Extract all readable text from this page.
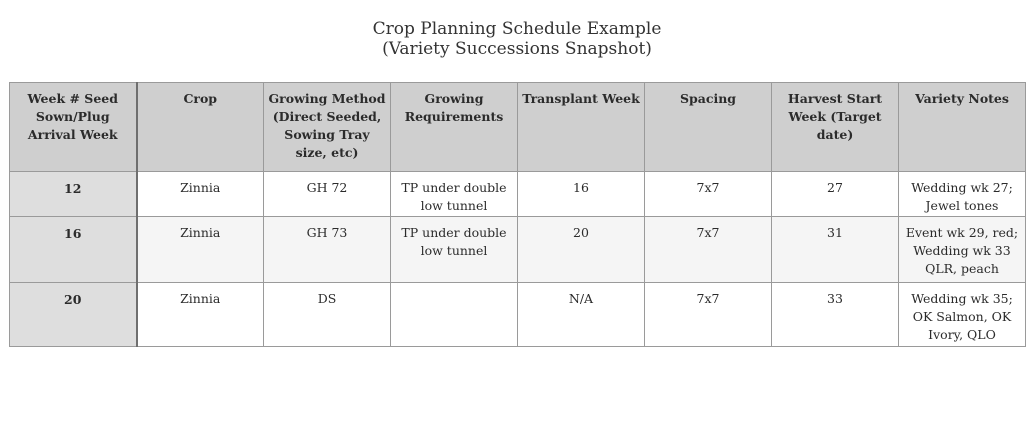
Crop Planning Schedule Example
(Variety Successions Snapshot)
Week # Seed Sown/Plug Arrival Week	Crop	Growing Method (Direct Seeded, Sowing Tray size, etc)	Growing Requirements	Transplant Week	Spacing	Harvest Start Week (Target date)	Variety Notes
12	Zinnia	GH 72	TP under double low tunnel	16	7x7	27	Wedding wk 27; Jewel tones
16	Zinnia	GH 73	TP under double low tunnel	20	7x7	31	Event wk 29, red; Wedding wk 33 QLR, peach
20	Zinnia	DS		N/A	7x7	33	Wedding wk 35; OK Salmon, OK Ivory, QLO
